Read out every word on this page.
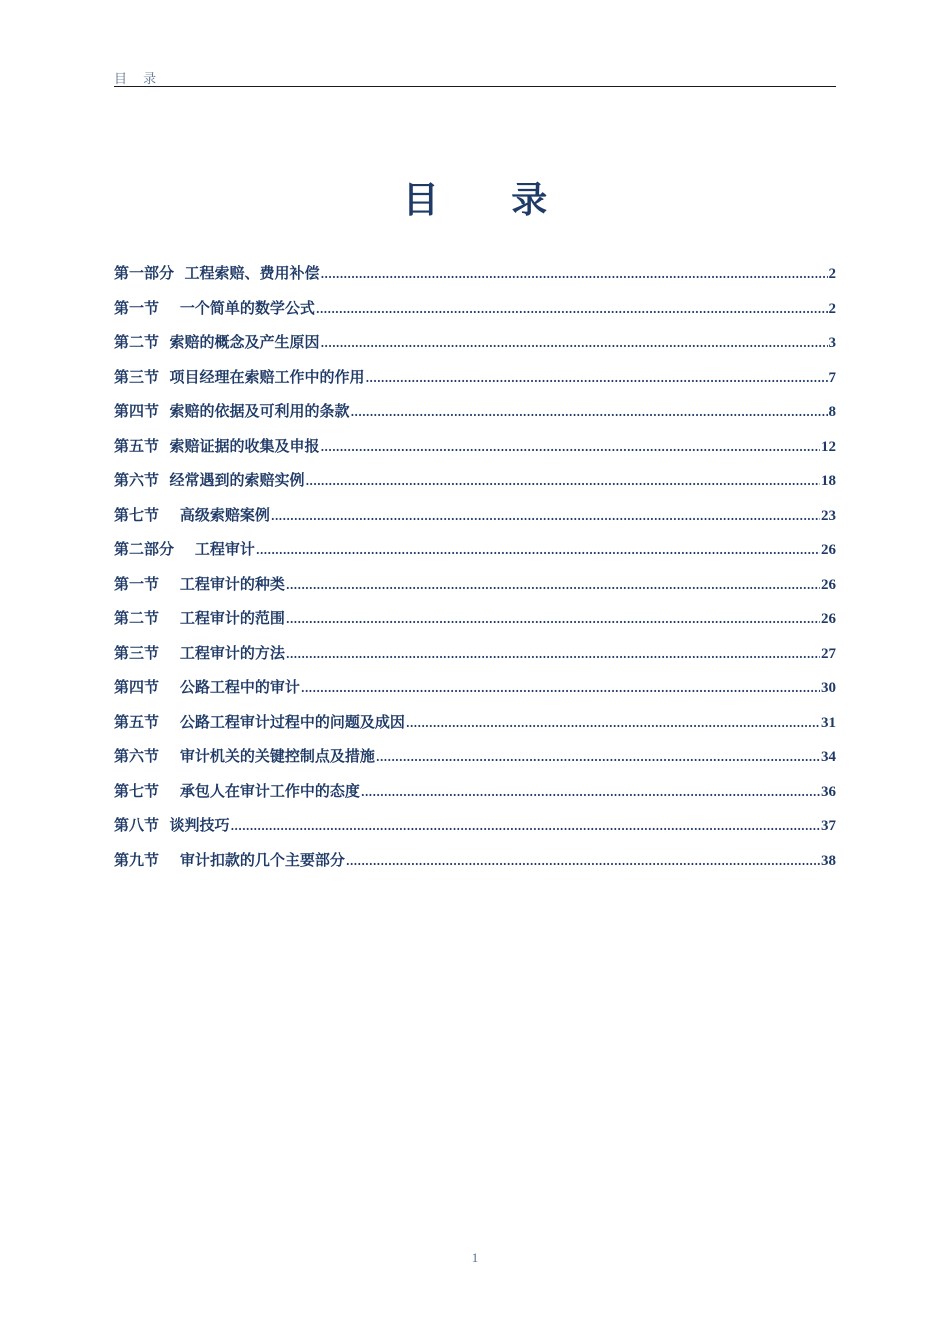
目 录
目 录
第一部分  工程索赔、费用补偿 .....	2
第一节    一个简单的数学公式 .....	2
第二节  索赔的概念及产生原因 .....	3
第三节  项目经理在索赔工作中的作用 .....	7
第四节  索赔的依据及可利用的条款 .....	8
第五节  索赔证据的收集及申报 .....	12
第六节  经常遇到的索赔实例 .....	18
第七节    高级索赔案例 .....	23
第二部分    工程审计 .....	26
第一节    工程审计的种类 .....	26
第二节    工程审计的范围 .....	26
第三节    工程审计的方法 .....	27
第四节    公路工程中的审计 .....	30
第五节    公路工程审计过程中的问题及成因 .....	31
第六节    审计机关的关键控制点及措施 .....	34
第七节    承包人在审计工作中的态度 .....	36
第八节  谈判技巧 .....	37
第九节    审计扣款的几个主要部分 .....	38
1
